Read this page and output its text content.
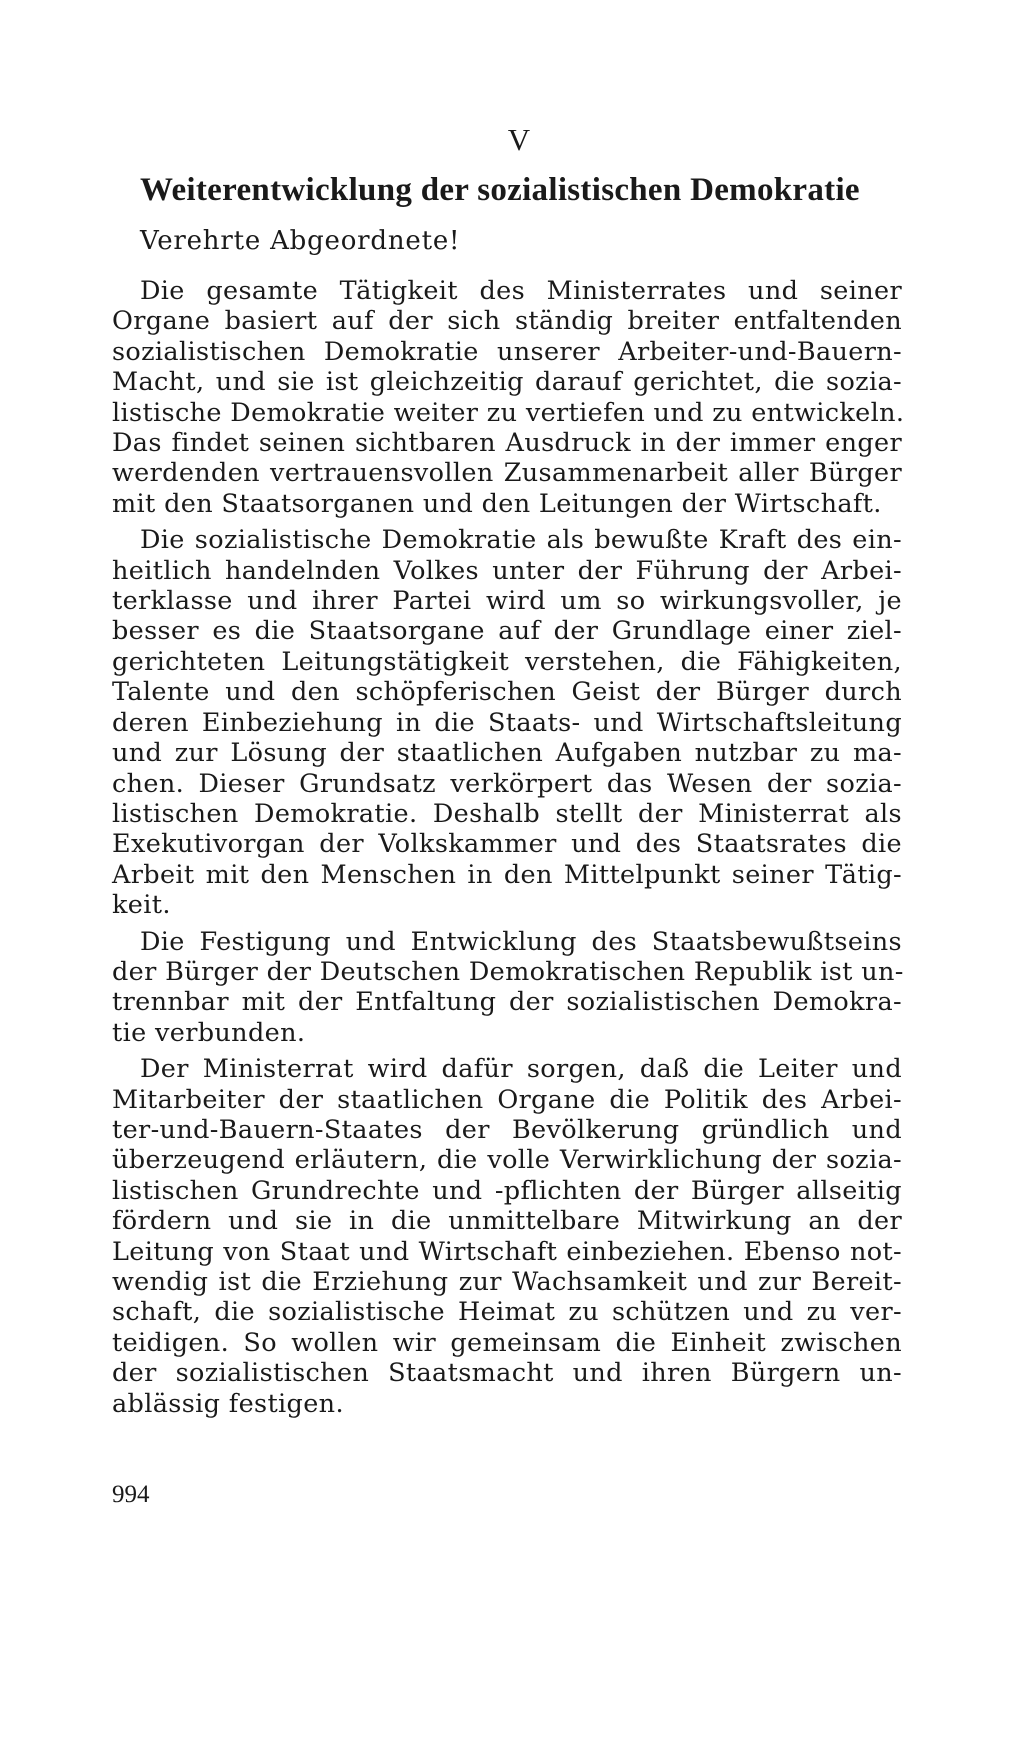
V
Weiterentwicklung der sozialistischen Demokratie
Verehrte Abgeordnete!
Die gesamte Tätigkeit des Ministerrates und seiner
Organe basiert auf der sich ständig breiter entfaltenden
sozialistischen Demokratie unserer Arbeiter-und-Bauern-
Macht, und sie ist gleichzeitig darauf gerichtet, die sozia-
listische Demokratie weiter zu vertiefen und zu entwickeln.
Das findet seinen sichtbaren Ausdruck in der immer enger
werdenden vertrauensvollen Zusammenarbeit aller Bürger
mit den Staatsorganen und den Leitungen der Wirtschaft.
Die sozialistische Demokratie als bewußte Kraft des ein-
heitlich handelnden Volkes unter der Führung der Arbei-
terklasse und ihrer Partei wird um so wirkungsvoller, je
besser es die Staatsorgane auf der Grundlage einer ziel-
gerichteten Leitungstätigkeit verstehen, die Fähigkeiten,
Talente und den schöpferischen Geist der Bürger durch
deren Einbeziehung in die Staats- und Wirtschaftsleitung
und zur Lösung der staatlichen Aufgaben nutzbar zu ma-
chen. Dieser Grundsatz verkörpert das Wesen der sozia-
listischen Demokratie. Deshalb stellt der Ministerrat als
Exekutivorgan der Volkskammer und des Staatsrates die
Arbeit mit den Menschen in den Mittelpunkt seiner Tätig-
keit.
Die Festigung und Entwicklung des Staatsbewußtseins
der Bürger der Deutschen Demokratischen Republik ist un-
trennbar mit der Entfaltung der sozialistischen Demokra-
tie verbunden.
Der Ministerrat wird dafür sorgen, daß die Leiter und
Mitarbeiter der staatlichen Organe die Politik des Arbei-
ter-und-Bauern-Staates der Bevölkerung gründlich und
überzeugend erläutern, die volle Verwirklichung der sozia-
listischen Grundrechte und -pflichten der Bürger allseitig
fördern und sie in die unmittelbare Mitwirkung an der
Leitung von Staat und Wirtschaft einbeziehen. Ebenso not-
wendig ist die Erziehung zur Wachsamkeit und zur Bereit-
schaft, die sozialistische Heimat zu schützen und zu ver-
teidigen. So wollen wir gemeinsam die Einheit zwischen
der sozialistischen Staatsmacht und ihren Bürgern un-
ablässig festigen.
994
